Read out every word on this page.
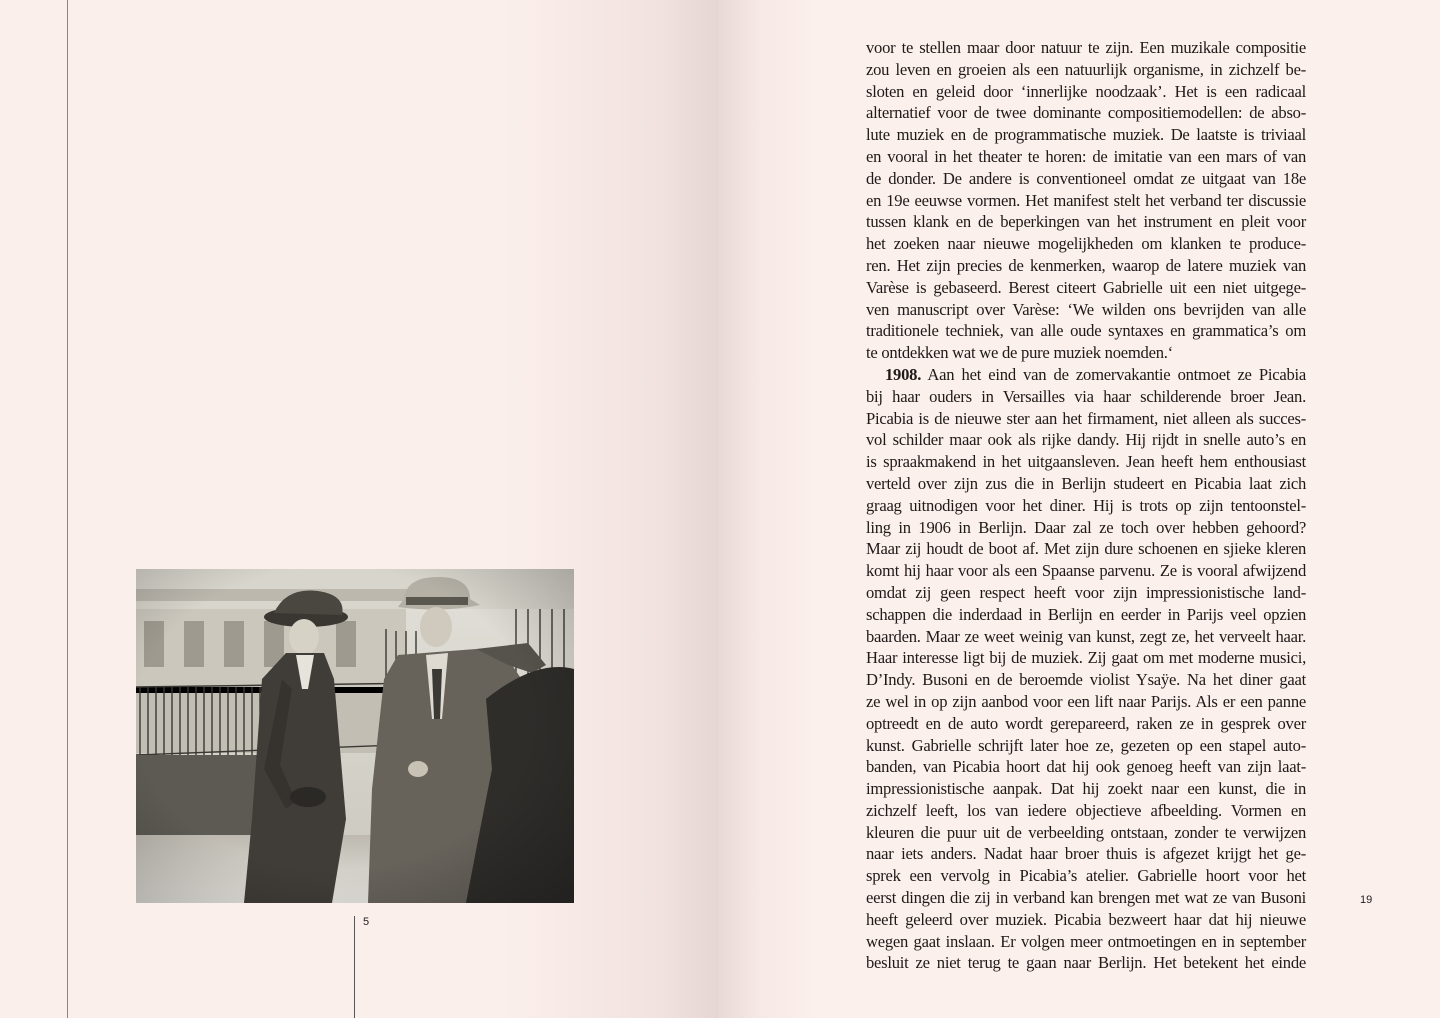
5
19
voor te stellen maar door natuur te zijn. Een muzikale compositie
zou leven en groeien als een natuurlijk organisme, in zichzelf be-
sloten en geleid door ‘innerlijke noodzaak’. Het is een radicaal
alternatief voor de twee dominante compositiemodellen: de abso-
lute muziek en de programmatische muziek. De laatste is triviaal
en vooral in het theater te horen: de imitatie van een mars of van
de donder. De andere is conventioneel omdat ze uitgaat van 18e
en 19e eeuwse vormen. Het manifest stelt het verband ter discussie
tussen klank en de beperkingen van het instrument en pleit voor
het zoeken naar nieuwe mogelijkheden om klanken te produce-
ren. Het zijn precies de kenmerken, waarop de latere muziek van
Varèse is gebaseerd. Berest citeert Gabrielle uit een niet uitgege-
ven manuscript over Varèse: ‘We wilden ons bevrijden van alle
traditionele techniek, van alle oude syntaxes en grammatica’s om
te ontdekken wat we de pure muziek noemden.‘
1908. Aan het eind van de zomervakantie ontmoet ze Picabia
bij haar ouders in Versailles via haar schilderende broer Jean.
Picabia is de nieuwe ster aan het firmament, niet alleen als succes-
vol schilder maar ook als rijke dandy. Hij rijdt in snelle auto’s en
is spraakmakend in het uitgaansleven. Jean heeft hem enthousiast
verteld over zijn zus die in Berlijn studeert en Picabia laat zich
graag uitnodigen voor het diner. Hij is trots op zijn tentoonstel-
ling in 1906 in Berlijn. Daar zal ze toch over hebben gehoord?
Maar zij houdt de boot af. Met zijn dure schoenen en sjieke kleren
komt hij haar voor als een Spaanse parvenu. Ze is vooral afwijzend
omdat zij geen respect heeft voor zijn impressionistische land-
schappen die inderdaad in Berlijn en eerder in Parijs veel opzien
baarden. Maar ze weet weinig van kunst, zegt ze, het verveelt haar.
Haar interesse ligt bij de muziek. Zij gaat om met moderne musici,
D’Indy. Busoni en de beroemde violist Ysaÿe. Na het diner gaat
ze wel in op zijn aanbod voor een lift naar Parijs. Als er een panne
optreedt en de auto wordt gerepareerd, raken ze in gesprek over
kunst. Gabrielle schrijft later hoe ze, gezeten op een stapel auto-
banden, van Picabia hoort dat hij ook genoeg heeft van zijn laat-
impressionistische aanpak. Dat hij zoekt naar een kunst, die in
zichzelf leeft, los van iedere objectieve afbeelding. Vormen en
kleuren die puur uit de verbeelding ontstaan, zonder te verwijzen
naar iets anders. Nadat haar broer thuis is afgezet krijgt het ge-
sprek een vervolg in Picabia’s atelier. Gabrielle hoort voor het
eerst dingen die zij in verband kan brengen met wat ze van Busoni
heeft geleerd over muziek. Picabia bezweert haar dat hij nieuwe
wegen gaat inslaan. Er volgen meer ontmoetingen en in september
besluit ze niet terug te gaan naar Berlijn. Het betekent het einde
